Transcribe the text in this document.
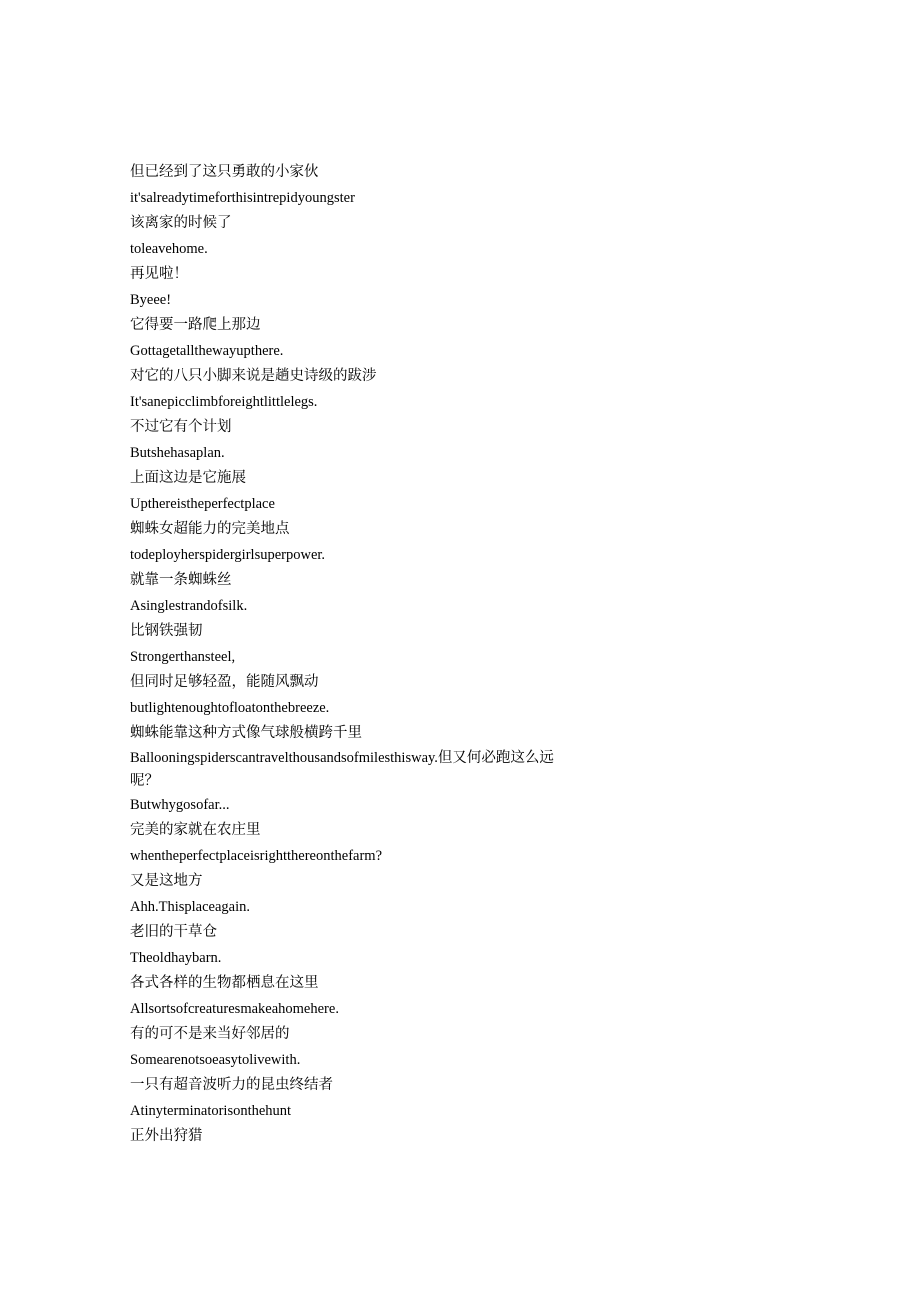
但已经到了这只勇敢的小家伙
it'salreadytimeforthisintrepidyoungster
该离家的时候了
toleavehome.
再见啦！
Byeee!
它得要一路爬上那边
Gottagetallthewayupthere.
对它的八只小脚来说是趟史诗级的跋涉
It'sanepicclimbforeightlittlelegs.
不过它有个计划
Butshehasaplan.
上面这边是它施展
Upthereistheperfectplace
蜘蛛女超能力的完美地点
todeployherspidergirlsuperpower.
就靠一条蜘蛛丝
Asinglestrandofsilk.
比钢铁强韧
Strongerthansteel,
但同时足够轻盈，能随风飘动
butlightenoughtofloatonthebreeze.
蜘蛛能靠这种方式像气球般横跨千里
Ballooningspiderscantravelthousandsofmilesthisway.但又何必跑这么远呢？
Butwhygosofar...
完美的家就在农庄里
whentheperfectplaceisrightthereonthefarm?
又是这地方
Ahh.Thisplaceagain.
老旧的干草仓
Theoldhaybarn.
各式各样的生物都栖息在这里
Allsortsofcreaturesmakeahomehere.
有的可不是来当好邻居的
Somearenotsoeasytolivewith.
一只有超音波听力的昆虫终结者
Atinyterminatorisonthehunt
正外出狩猎
